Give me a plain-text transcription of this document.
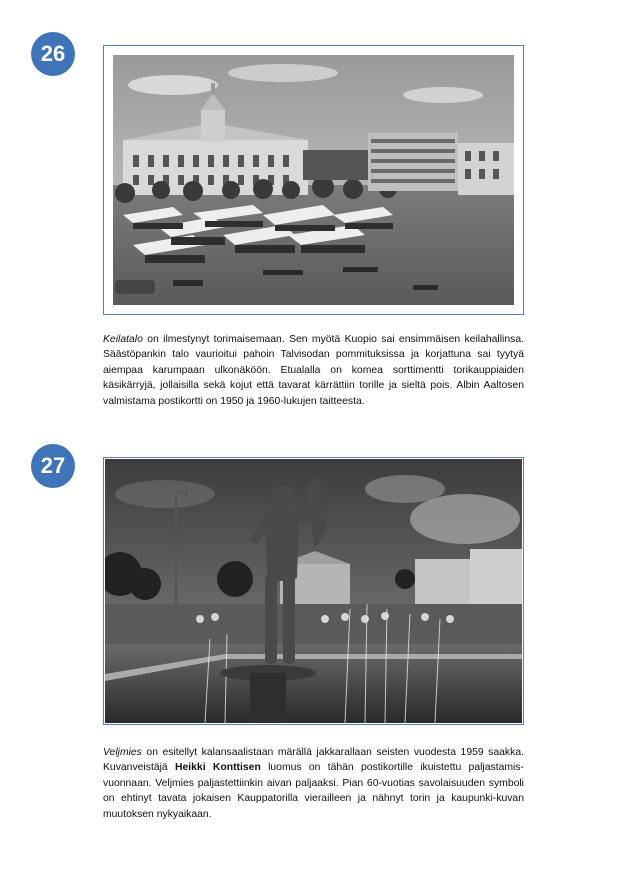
26
Keilatalo on ilmestynyt torimaisemaan. Sen myötä Kuopio sai ensimmäisen keilahallinsa. Säästöpankin talo vaurioitui pahoin Talvisodan pommituksissa ja korjattuna sai tyytyä aiempaa karumpaan ulkonäköön. Etualalla on komea sorttimentti torikauppiaiden käsikärryjä, jollaisilla sekä kojut että tavarat kärrättiin torille ja sieltä pois. Albin Aaltosen valmistama postikortti on 1950 ja 1960-lukujen taitteesta.
27
Veljmies on esitellyt kalansaalistaan märällä jakkarallaan seisten vuodesta 1959 saakka. Kuvanveistäjä Heikki Konttisen luomus on tähän postikortille ikuistettu paljastamis-vuonnaan. Veljmies paljastettiinkin aivan paljaaksi. Pian 60-vuotias savolaisuuden symboli on ehtinyt tavata jokaisen Kauppatorilla vierailleen ja nähnyt torin ja kaupunki-kuvan muutoksen nykyaikaan.
